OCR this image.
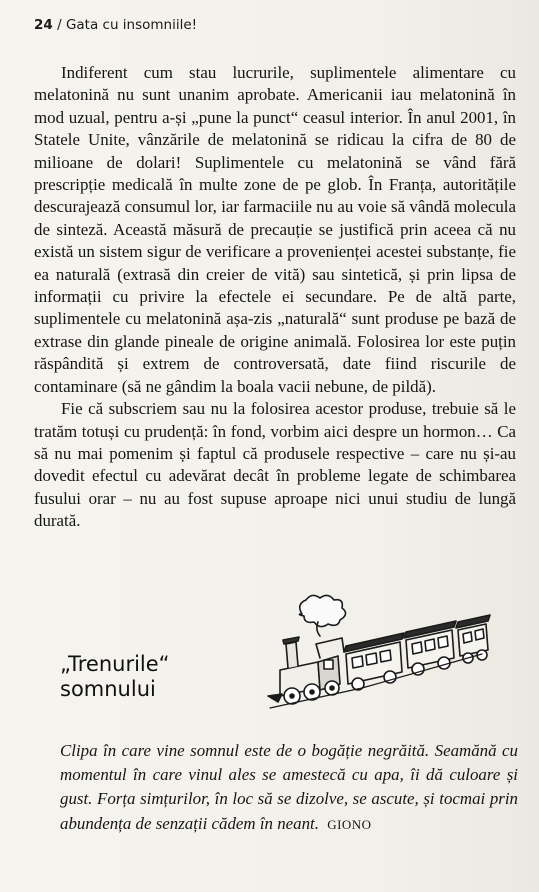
24 / Gata cu insomniile!

Indiferent cum stau lucrurile, suplimentele alimentare cu melatonină nu sunt unanim aprobate. Americanii iau melatonină în mod uzual, pentru a-și „pune la punct“ ceasul interior. În anul 2001, în Statele Unite, vânzările de melatonină se ridicau la cifra de 80 de milioane de dolari! Suplimentele cu melatonină se vând fără prescripție medicală în multe zone de pe glob. În Franța, autoritățile descurajează consumul lor, iar farmaciile nu au voie să vândă molecula de sinteză. Această măsură de precauție se justifică prin aceea că nu există un sistem sigur de verificare a provenienței acestei substanțe, fie ea naturală (extrasă din creier de vită) sau sintetică, și prin lipsa de informații cu privire la efectele ei secundare. Pe de altă parte, suplimentele cu melatonină așa-zis „naturală“ sunt produse pe bază de extrase din glande pineale de origine animală. Folosirea lor este puțin răspândită și extrem de controversată, date fiind riscurile de contaminare (să ne gândim la boala vacii nebune, de pildă).

Fie că subscriem sau nu la folosirea acestor produse, trebuie să le tratăm totuși cu prudență: în fond, vorbim aici despre un hormon… Ca să nu mai pomenim și faptul că produsele respective – care nu și-au dovedit efectul cu adevărat decât în probleme legate de schimbarea fusului orar – nu au fost supuse aproape nici unui studiu de lungă durată.

„Trenurile“
somnului
Clipa în care vine somnul este de o bogăție negrăită. Seamănă cu momentul în care vinul ales se amestecă cu apa, îi dă culoare și gust. Forța simțurilor, în loc să se dizolve, se ascute, și tocmai prin abundența de senzații cădem în neant. GIONO
